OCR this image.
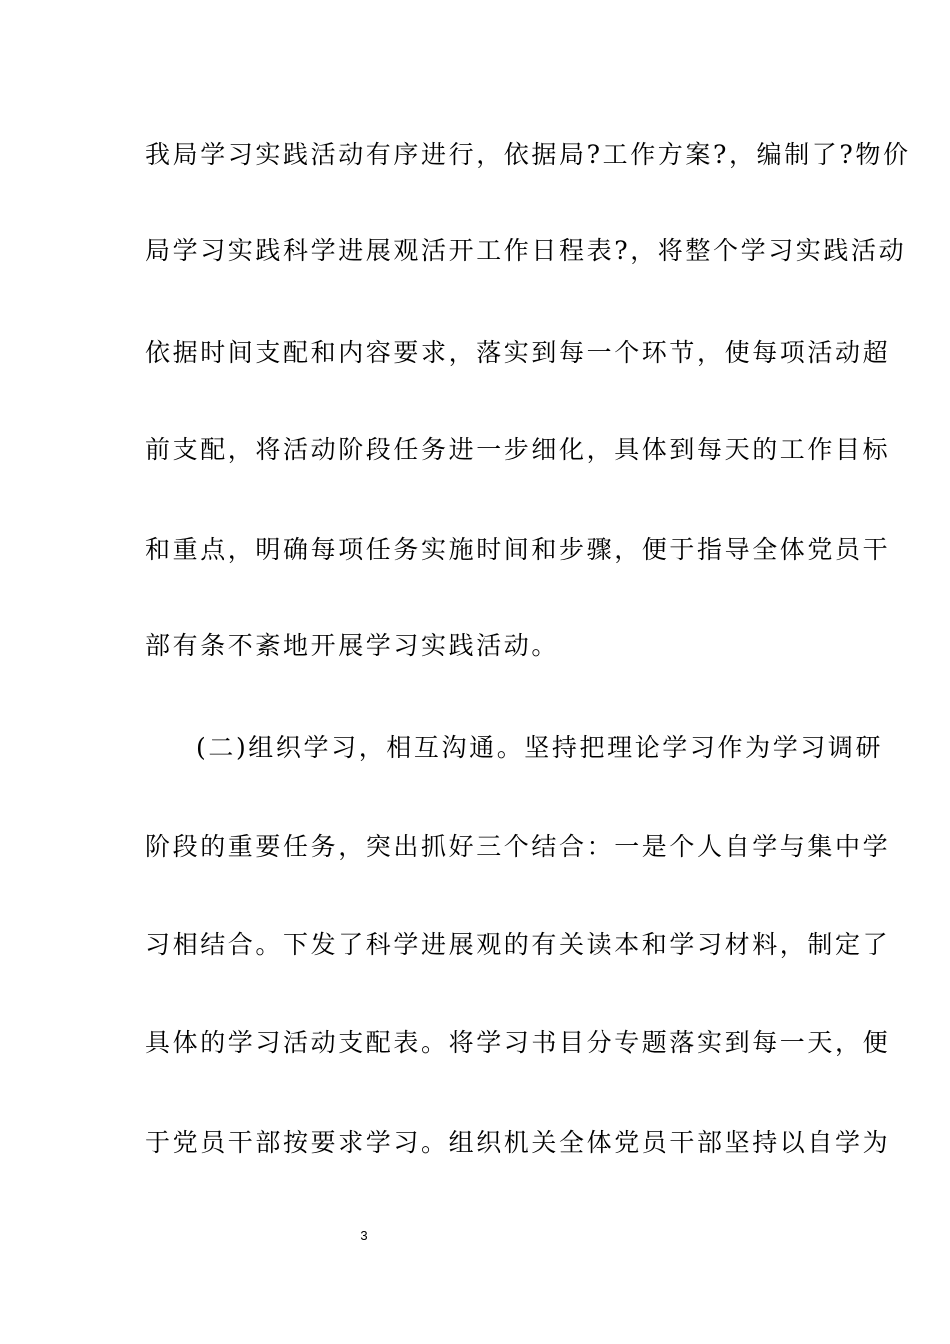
我局学习实践活动有序进行，依据局?工作方案?，编制了?物价
局学习实践科学进展观活开工作日程表?，将整个学习实践活动
依据时间支配和内容要求，落实到每一个环节，使每项活动超
前支配，将活动阶段任务进一步细化，具体到每天的工作目标
和重点，明确每项任务实施时间和步骤，便于指导全体党员干
部有条不紊地开展学习实践活动。
(二)组织学习，相互沟通。坚持把理论学习作为学习调研
阶段的重要任务，突出抓好三个结合：一是个人自学与集中学
习相结合。下发了科学进展观的有关读本和学习材料，制定了
具体的学习活动支配表。将学习书目分专题落实到每一天，便
于党员干部按要求学习。组织机关全体党员干部坚持以自学为
3
